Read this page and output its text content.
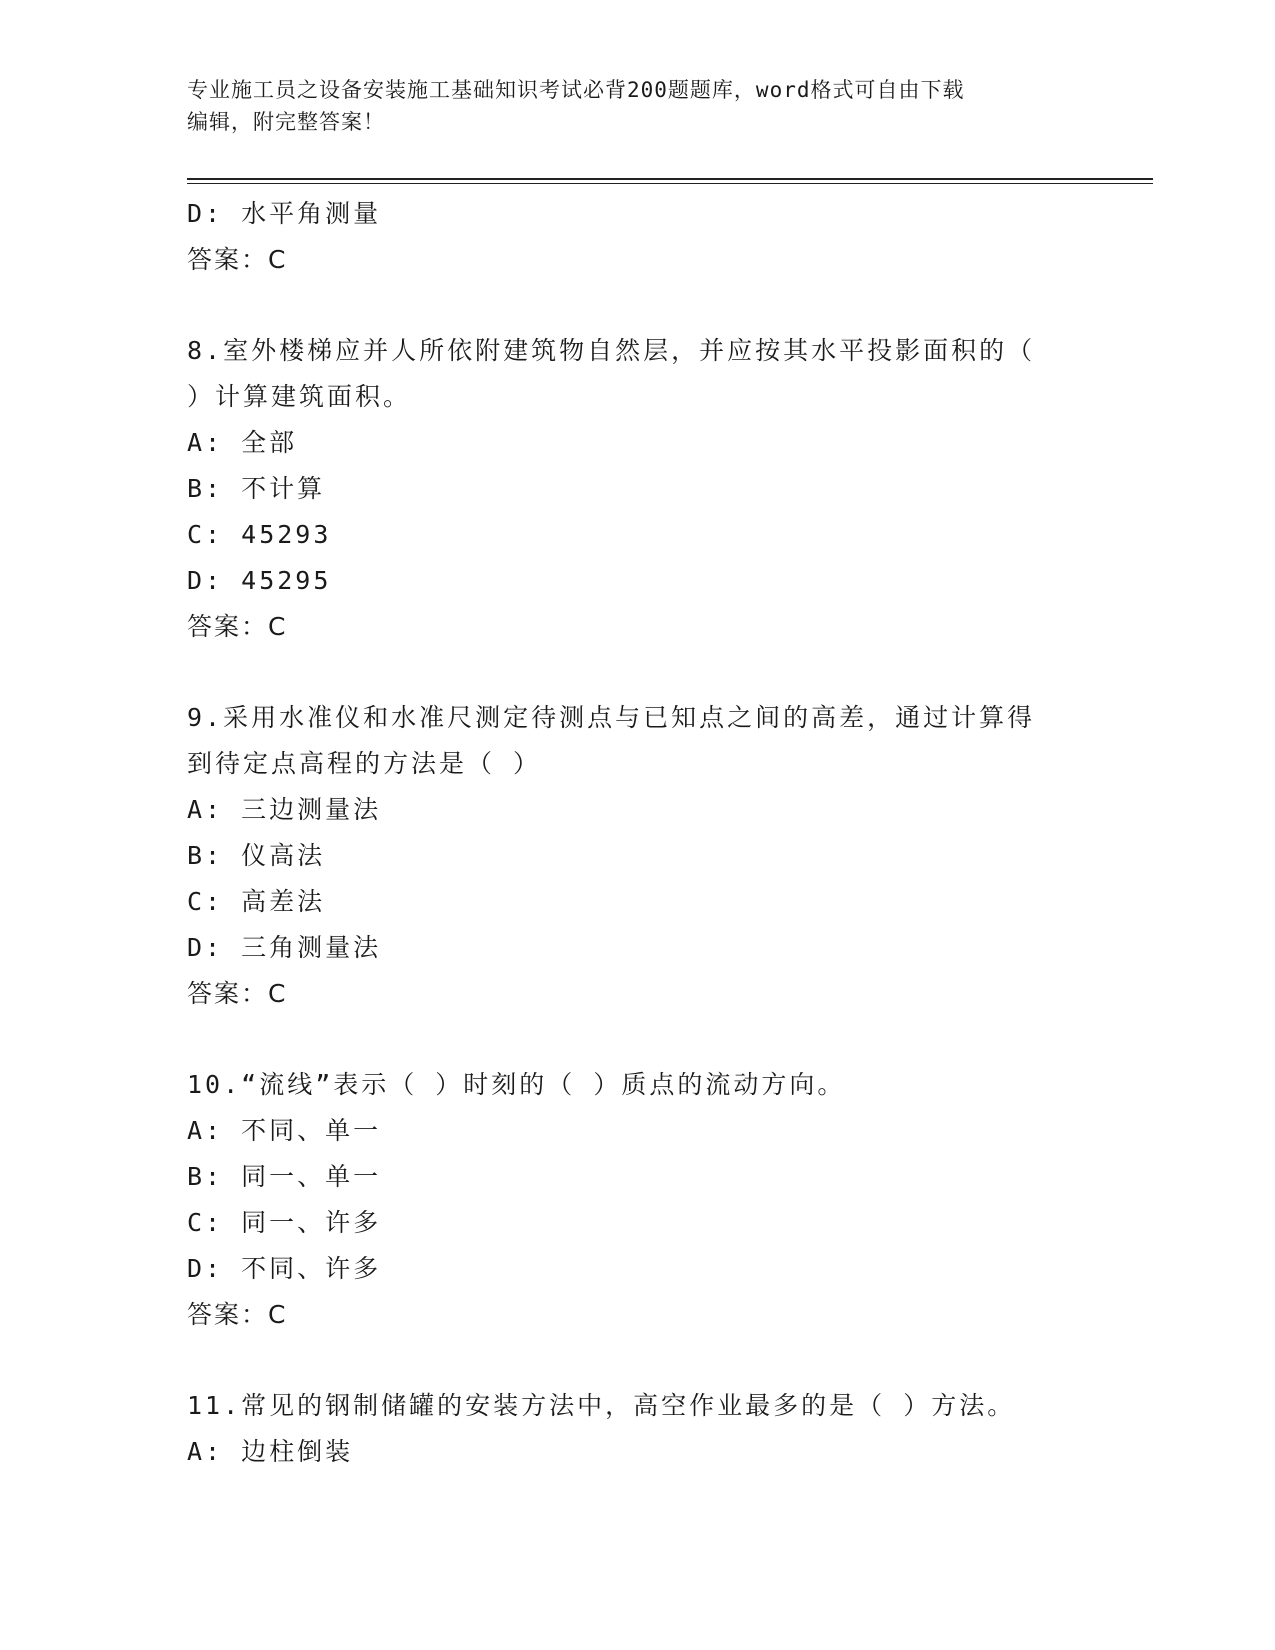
专业施工员之设备安装施工基础知识考试必背200题题库，word格式可自由下载
编辑，附完整答案！
D: 水平角测量
答案：C
8.室外楼梯应并人所依附建筑物自然层，并应按其水平投影面积的（
）计算建筑面积。
A: 全部
B: 不计算
C: 45293
D: 45295
答案：C
9.采用水准仪和水准尺测定待测点与已知点之间的高差，通过计算得
到待定点高程的方法是（ ）
A: 三边测量法
B: 仪高法
C: 高差法
D: 三角测量法
答案：C
10.“流线”表示（ ）时刻的（ ）质点的流动方向。
A: 不同、单一
B: 同一、单一
C: 同一、许多
D: 不同、许多
答案：C
11.常见的钢制储罐的安装方法中，高空作业最多的是（ ）方法。
A: 边柱倒装
